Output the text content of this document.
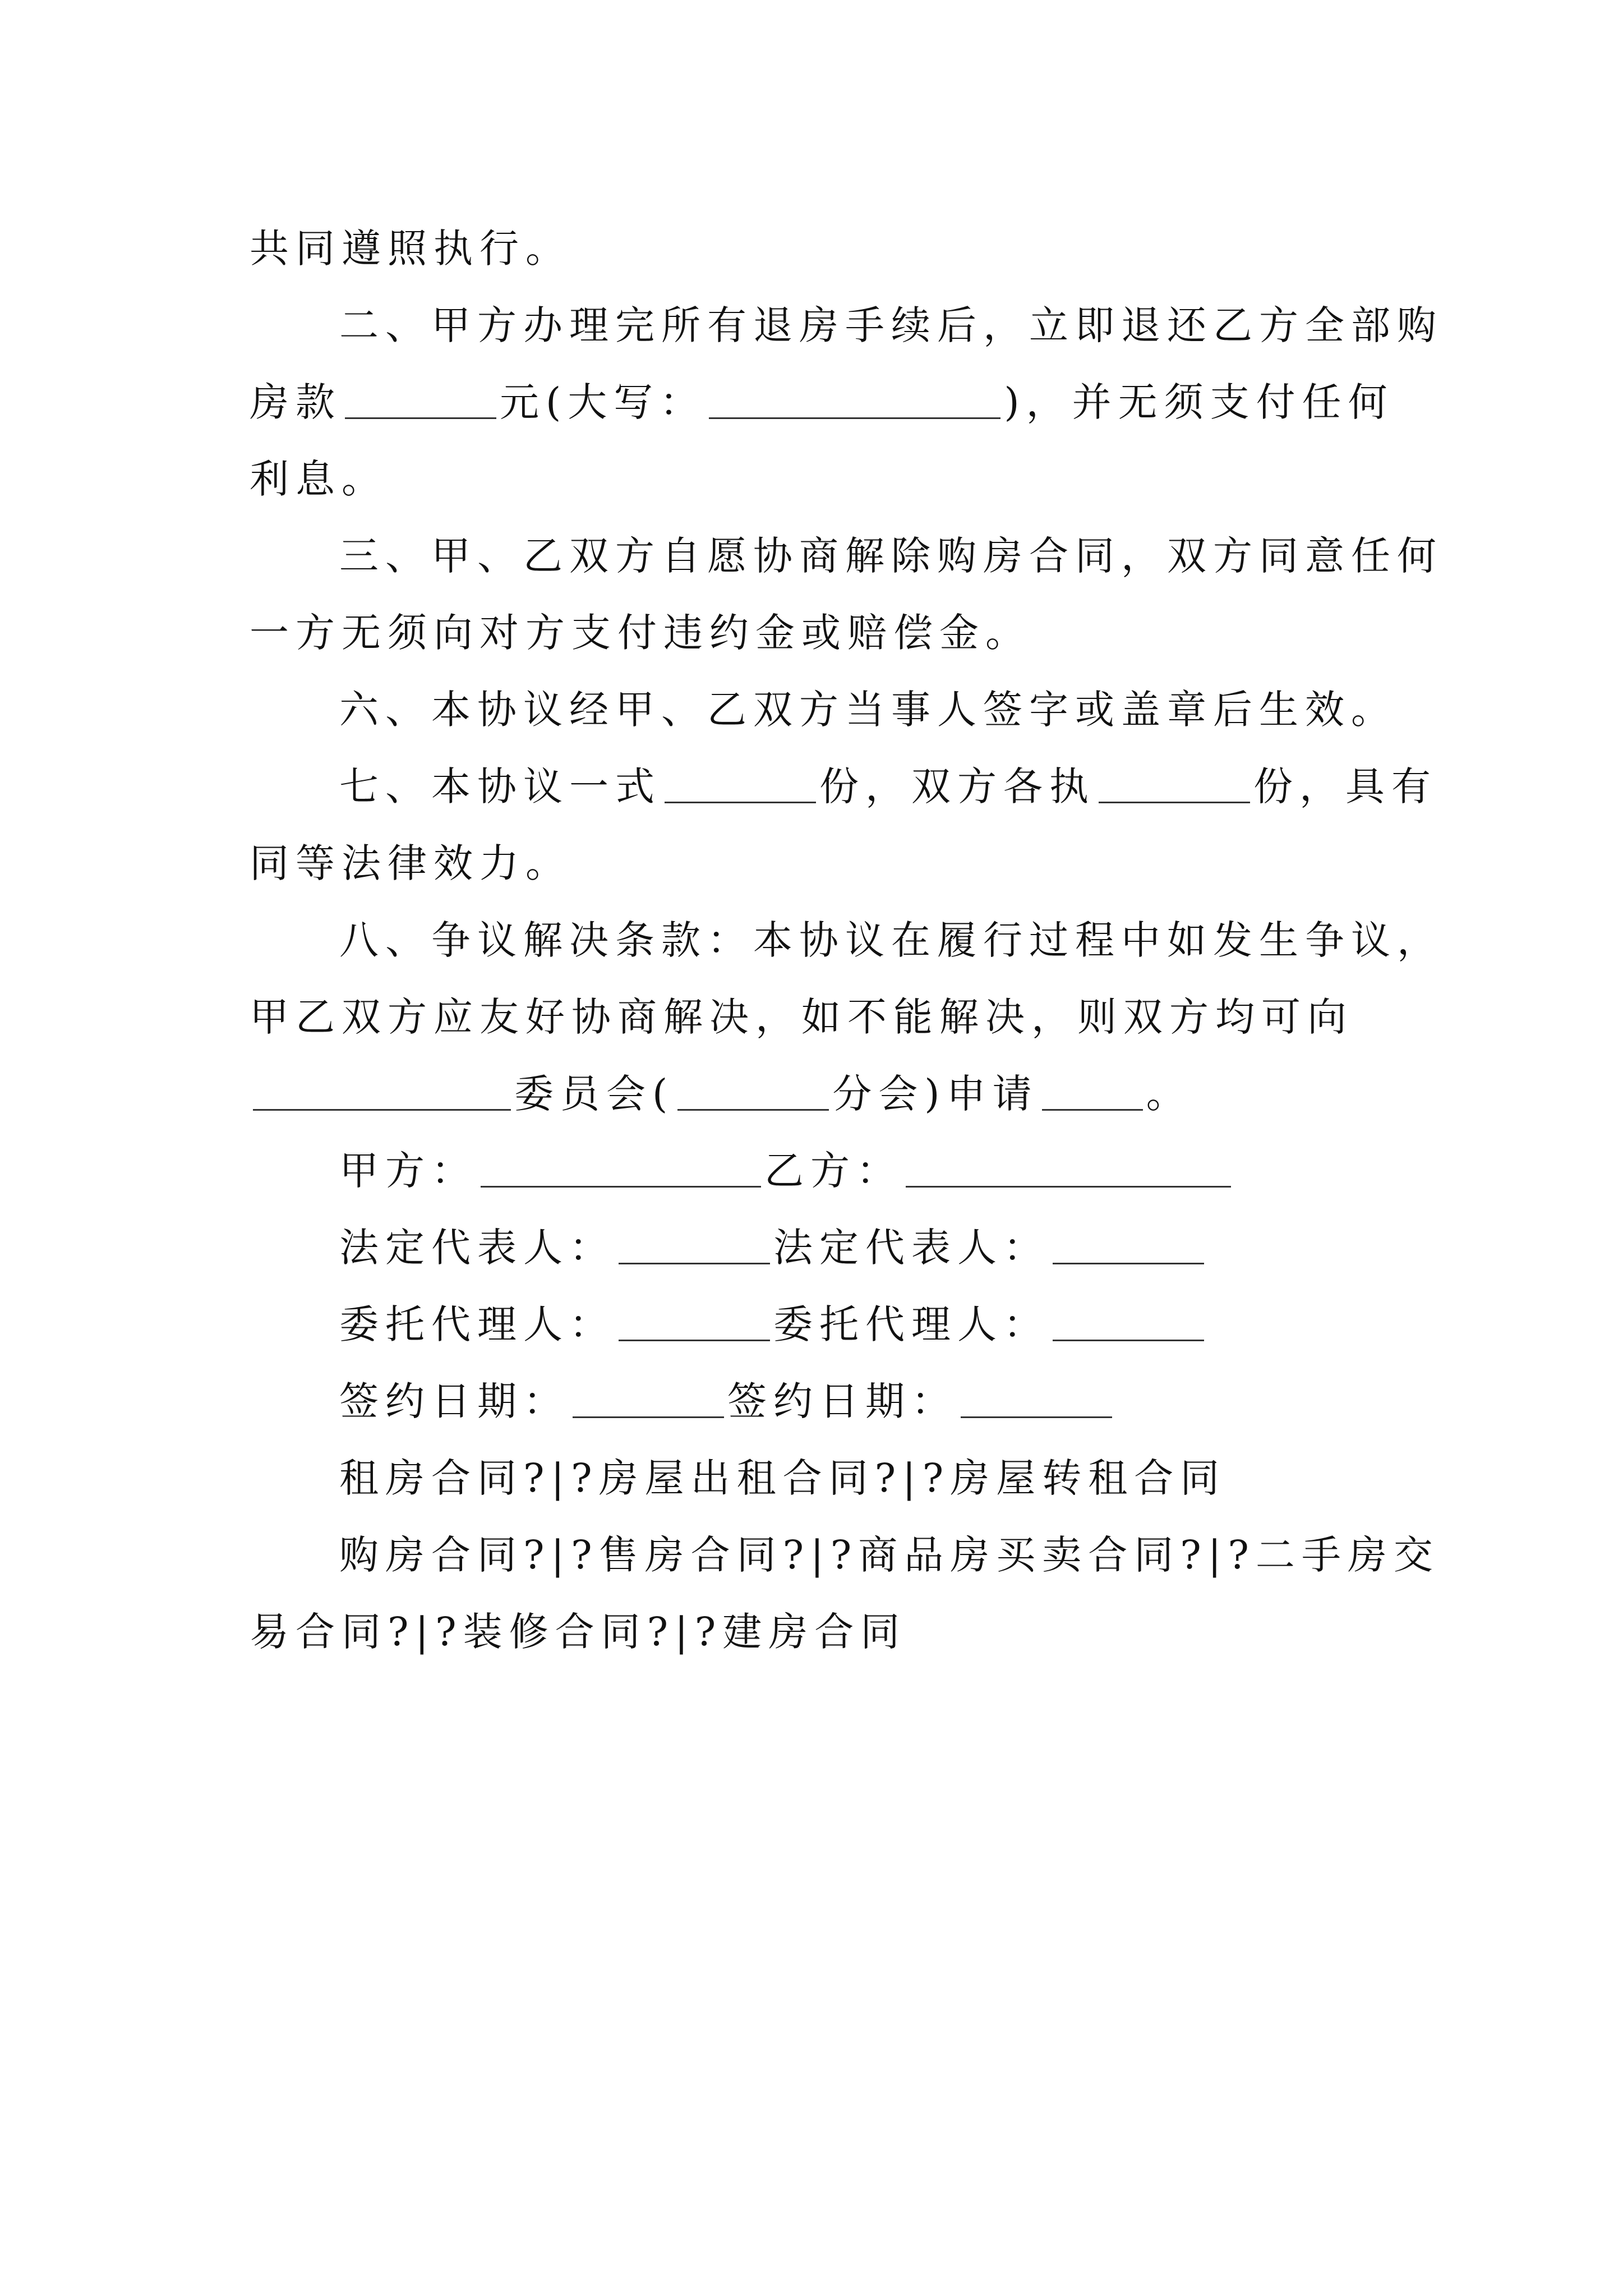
共同遵照执行。
二、甲方办理完所有退房手续后，立即退还乙方全部购
房款	元(大写：	)，并无须支付任何
利息。
三、甲、乙双方自愿协商解除购房合同，双方同意任何
一方无须向对方支付违约金或赔偿金。
六、本协议经甲、乙双方当事人签字或盖章后生效。
七、本协议一式	份，双方各执	份，具有
同等法律效力。
八、争议解决条款：本协议在履行过程中如发生争议，
甲乙双方应友好协商解决，如不能解决，则双方均可向
委员会(	分会)申请	。
甲方：	乙方：
法定代表人：	法定代表人：
委托代理人：	委托代理人：
签约日期：	签约日期：
租房合同?|?房屋出租合同?|?房屋转租合同
购房合同?|?售房合同?|?商品房买卖合同?|?二手房交
易合同?|?装修合同?|?建房合同
